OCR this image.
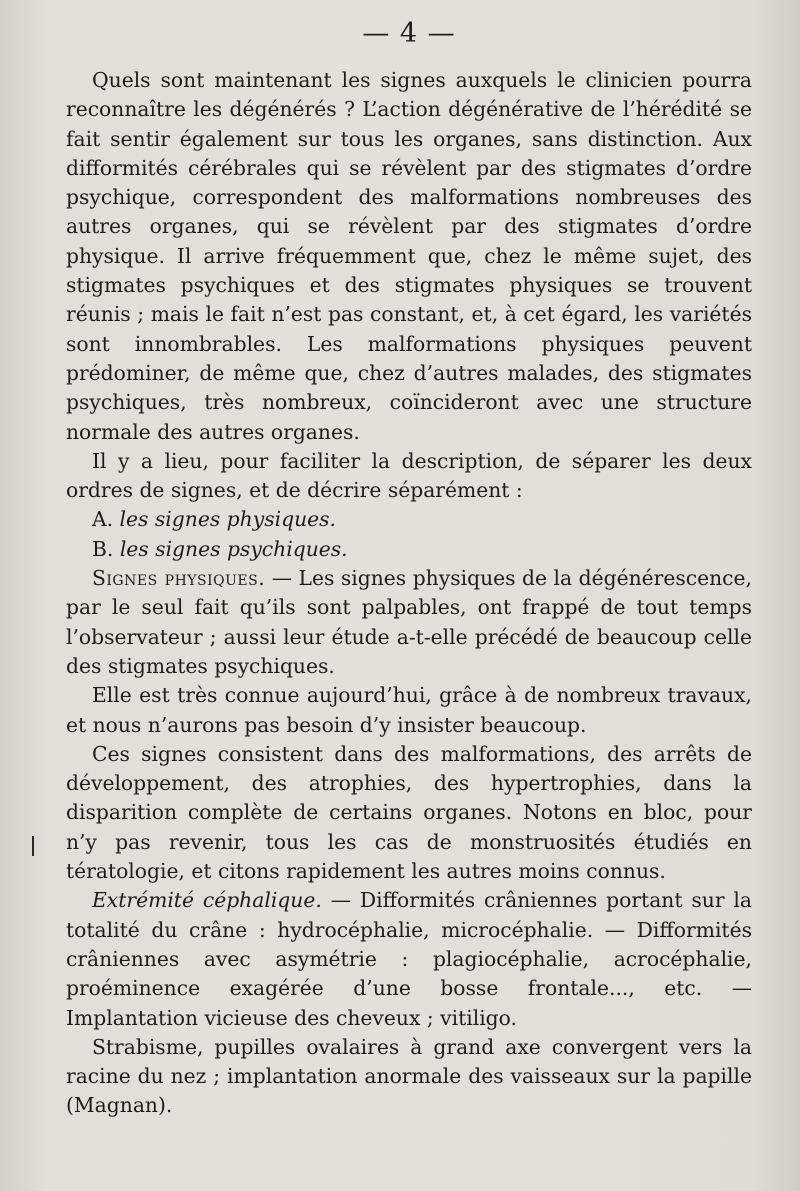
— 4 —

Quels sont maintenant les signes auxquels le clinicien pourra reconnaître les dégénérés ? L’action dégénérative de l’hérédité se fait sentir également sur tous les organes, sans distinction. Aux difformités cérébrales qui se révèlent par des stigmates d’ordre psychique, correspondent des malformations nombreuses des autres organes, qui se révèlent par des stigmates d’ordre physique. Il arrive fréquemment que, chez le même sujet, des stigmates psychiques et des stigmates physiques se trouvent réunis ; mais le fait n’est pas constant, et, à cet égard, les variétés sont innombrables. Les malformations physiques peuvent prédominer, de même que, chez d’autres malades, des stigmates psychiques, très nombreux, coïncideront avec une structure normale des autres organes.

Il y a lieu, pour faciliter la description, de séparer les deux ordres de signes, et de décrire séparément :

A. les signes physiques.

B. les signes psychiques.

Signes physiques. — Les signes physiques de la dégénérescence, par le seul fait qu’ils sont palpables, ont frappé de tout temps l’observateur ; aussi leur étude a-t-elle précédé de beaucoup celle des stigmates psychiques.

Elle est très connue aujourd’hui, grâce à de nombreux travaux, et nous n’aurons pas besoin d’y insister beaucoup.

Ces signes consistent dans des malformations, des arrêts de développement, des atrophies, des hypertrophies, dans la disparition complète de certains organes. Notons en bloc, pour n’y pas revenir, tous les cas de monstruosités étudiés en tératologie, et citons rapidement les autres moins connus.

Extrémité céphalique. — Difformités crâniennes portant sur la totalité du crâne : hydrocéphalie, microcéphalie. — Difformités crâniennes avec asymétrie : plagiocéphalie, acrocéphalie, proéminence exagérée d’une bosse frontale..., etc. — Implantation vicieuse des cheveux ; vitiligo.

Strabisme, pupilles ovalaires à grand axe convergent vers la racine du nez ; implantation anormale des vaisseaux sur la papille (Magnan).
